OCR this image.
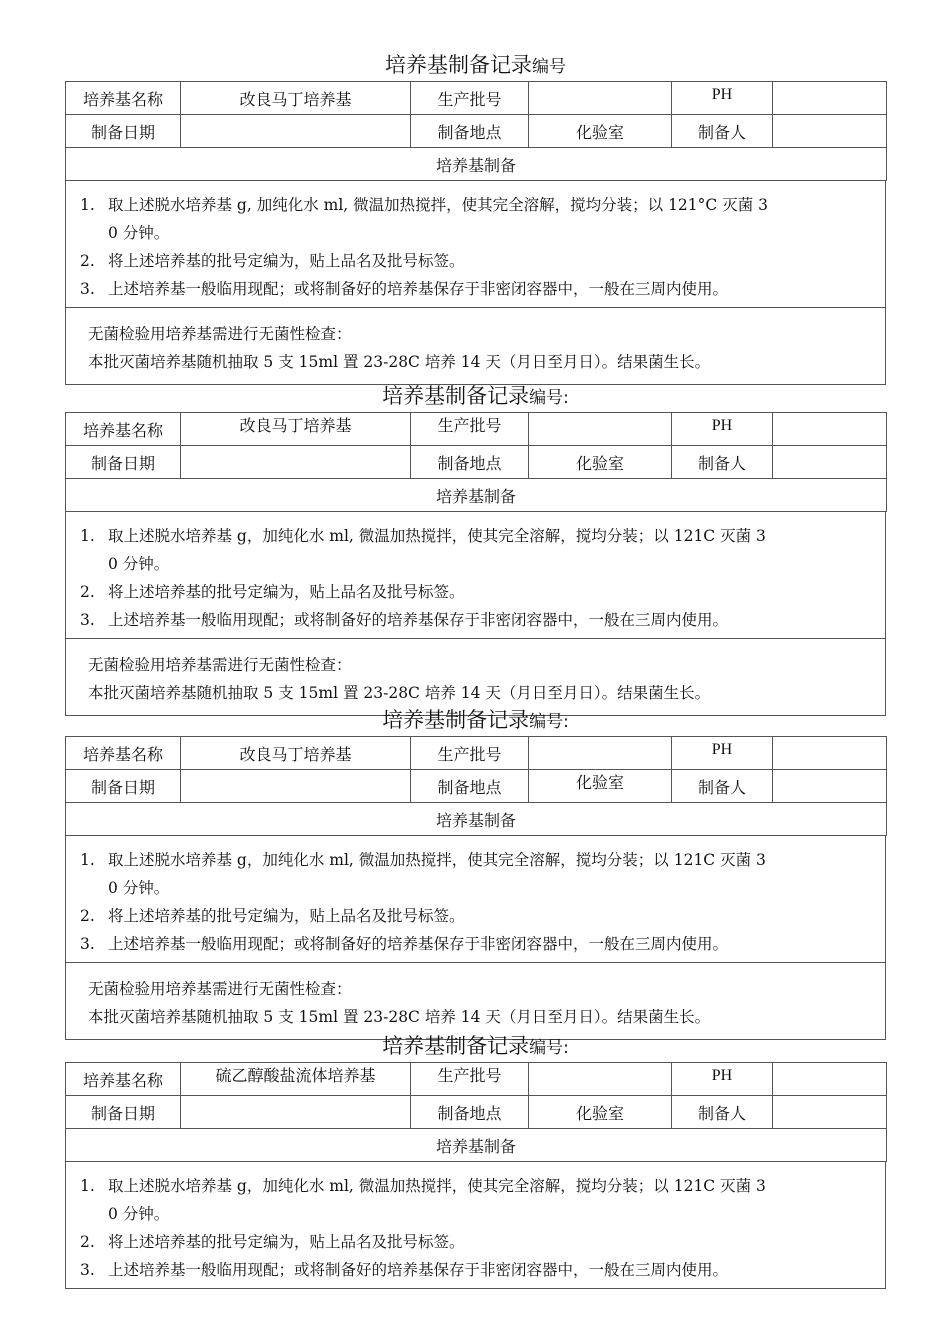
培养基制备记录编号
培养基名称	改良马丁培养基	生产批号		PH	
制备日期		制备地点	化验室	制备人	
培养基制备					
1. 取上述脱水培养基 g, 加纯化水 ml, 微温加热搅拌，使其完全溶解，搅均分装；以 121°C 灭菌 3
0 分钟。
2. 将上述培养基的批号定编为，贴上品名及批号标签。
3. 上述培养基一般临用现配；或将制备好的培养基保存于非密闭容器中，一般在三周内使用。
无菌检验用培养基需进行无菌性检查：
本批灭菌培养基随机抽取 5 支 15ml 置 23-28C 培养 14 天（月日至月日）。结果菌生长。
培养基制备记录编号:
培养基名称	改良马丁培养基	生产批号		PH	
制备日期		制备地点	化验室	制备人	
培养基制备					
1. 取上述脱水培养基 g，加纯化水 ml, 微温加热搅拌，使其完全溶解，搅均分装；以 121C 灭菌 3
0 分钟。
2. 将上述培养基的批号定编为，贴上品名及批号标签。
3. 上述培养基一般临用现配；或将制备好的培养基保存于非密闭容器中，一般在三周内使用。
无菌检验用培养基需进行无菌性检查：
本批灭菌培养基随机抽取 5 支 15ml 置 23-28C 培养 14 天（月日至月日）。结果菌生长。
培养基制备记录编号:
培养基名称	改良马丁培养基	生产批号		PH	
制备日期		制备地点	化验室	制备人	
培养基制备					
1. 取上述脱水培养基 g，加纯化水 ml, 微温加热搅拌，使其完全溶解，搅均分装；以 121C 灭菌 3
0 分钟。
2. 将上述培养基的批号定编为，贴上品名及批号标签。
3. 上述培养基一般临用现配；或将制备好的培养基保存于非密闭容器中，一般在三周内使用。
无菌检验用培养基需进行无菌性检查：
本批灭菌培养基随机抽取 5 支 15ml 置 23-28C 培养 14 天（月日至月日）。结果菌生长。
培养基制备记录编号:
培养基名称	硫乙醇酸盐流体培养基	生产批号		PH	
制备日期		制备地点	化验室	制备人	
培养基制备					
1. 取上述脱水培养基 g，加纯化水 ml, 微温加热搅拌，使其完全溶解，搅均分装；以 121C 灭菌 3
0 分钟。
2. 将上述培养基的批号定编为，贴上品名及批号标签。
3. 上述培养基一般临用现配；或将制备好的培养基保存于非密闭容器中，一般在三周内使用。
